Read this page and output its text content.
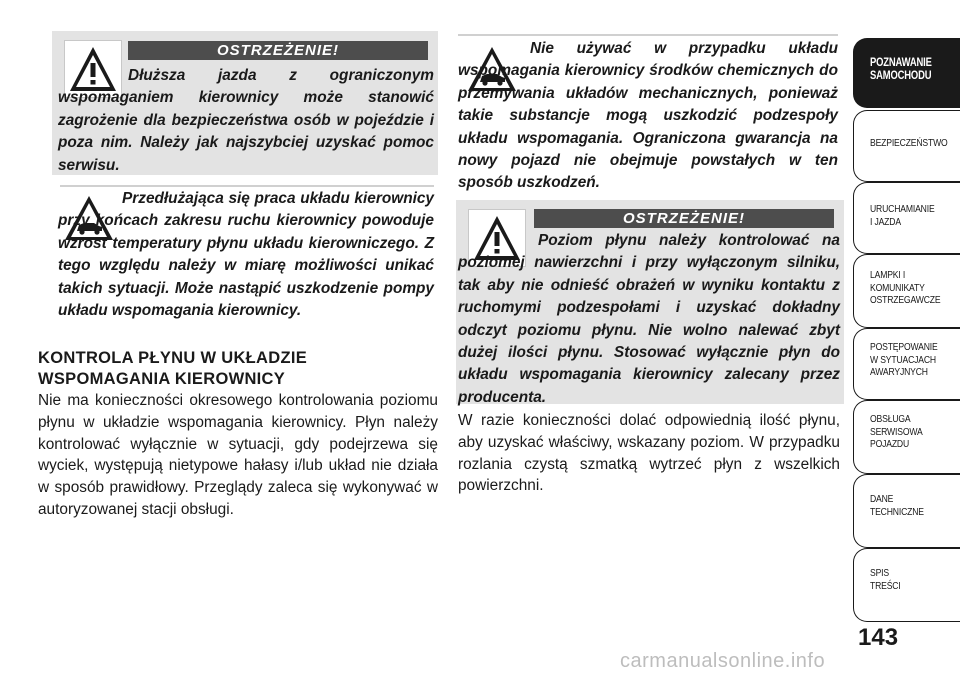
OSTRZEŻENIE!
Dłuższa jazda z ograniczonym wspomaganiem kierownicy może stanowić zagrożenie dla bezpieczeństwa osób w pojeździe i poza nim. Należy jak najszybciej uzyskać pomoc serwisu.
Przedłużająca się praca układu kierownicy przy końcach zakresu ruchu kierownicy powoduje wzrost temperatury płynu układu kierowniczego. Z tego względu należy w miarę możliwości unikać takich sytuacji. Może nastąpić uszkodzenie pompy układu wspomagania kierownicy.
KONTROLA PŁYNU W UKŁADZIE
WSPOMAGANIA KIEROWNICY
Nie ma konieczności okresowego kontrolowania poziomu płynu w układzie wspomagania kierownicy. Płyn należy kontrolować wyłącznie w sytuacji, gdy podejrzewa się wyciek, występują nietypowe hałasy i/lub układ nie działa w sposób prawidłowy. Przeglądy zaleca się wykonywać w autoryzowanej stacji obsługi.
Nie używać w przypadku układu wspomagania kierownicy środków chemicznych do przemywania układów mechanicznych, ponieważ takie substancje mogą uszkodzić podzespoły układu wspomagania. Ograniczona gwarancja na nowy pojazd nie obejmuje powstałych w ten sposób uszkodzeń.
OSTRZEŻENIE!
Poziom płynu należy kontrolować na poziomej nawierzchni i przy wyłączonym silniku, tak aby nie odnieść obrażeń w wyniku kontaktu z ruchomymi podzespołami i uzyskać dokładny odczyt poziomu płynu. Nie wolno nalewać zbyt dużej ilości płynu. Stosować wyłącznie płyn do układu wspomagania kierownicy zalecany przez producenta.
W razie konieczności dolać odpowiednią ilość płynu, aby uzyskać właściwy, wskazany poziom. W przypadku rozlania czystą szmatką wytrzeć płyn z wszelkich powierzchni.
POZNAWANIE
SAMOCHODU
BEZPIECZEŃSTWO
URUCHAMIANIE
I JAZDA
LAMPKI I
KOMUNIKATY
OSTRZEGAWCZE
POSTĘPOWANIE
W SYTUACJACH
AWARYJNYCH
OBSŁUGA
SERWISOWA
POJAZDU
DANE
TECHNICZNE
SPIS
TREŚCI
143
carmanualsonline.info
